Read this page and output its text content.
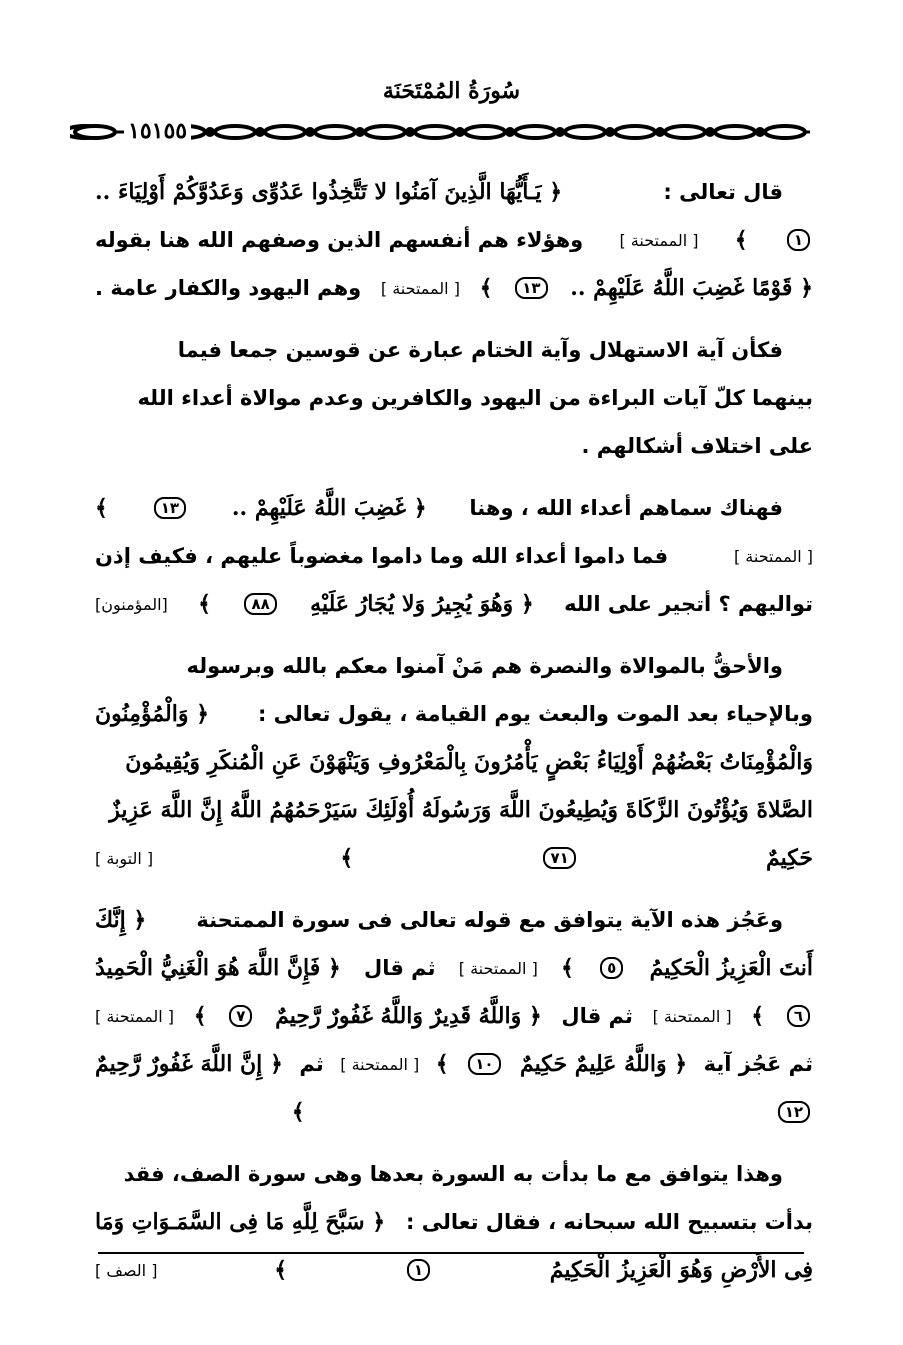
سُورَةُ المُمْتَحَنَة
١٥١٥٥
قال تعالى :
﴿ يَـأَيُّهَا الَّذِينَ آمَنُوا لا تَتَّخِذُوا عَدُوِّى وَعَدُوَّكُمْ أَوْلِيَاءَ ..
١
﴾
[ الممتحنة ]
وهؤلاء هم أنفسهم الذين وصفهم الله هنا بقوله
﴿ قَوْمًا غَضِبَ اللَّهُ عَلَيْهِمْ ..
١٣
﴾
[ الممتحنة ]
وهم اليهود والكفار عامة .
فكأن آية الاستهلال وآية الختام عبارة عن قوسين جمعا فيما
بينهما كلّ آيات البراءة من اليهود والكافرين وعدم موالاة أعداء الله
على اختلاف أشكالهم .
فهناك سماهم أعداء الله ، وهنا
﴿ غَضِبَ اللَّهُ عَلَيْهِمْ ..
١٣
﴾
[ الممتحنة ]
فما داموا أعداء الله وما داموا مغضوباً عليهم ، فكيف إذن
تواليهم ؟ أتجير على الله
﴿ وَهُوَ يُجِيرُ وَلا يُجَارُ عَلَيْهِ
٨٨
﴾
[المؤمنون]
والأحقُّ بالموالاة والنصرة هم مَنْ آمنوا معكم بالله وبرسوله
وبالإحياء بعد الموت والبعث يوم القيامة ، يقول تعالى :
﴿ وَالْمُؤْمِنُونَ
وَالْمُؤْمِنَاتُ بَعْضُهُمْ أَوْلِيَاءُ بَعْضٍ يَأْمُرُونَ بِالْمَعْرُوفِ وَيَنْهَوْنَ عَنِ الْمُنكَرِ وَيُقِيمُونَ
الصَّلاةَ وَيُؤْتُونَ الزَّكَاةَ وَيُطِيعُونَ اللَّهَ وَرَسُولَهُ أُوْلَئِكَ سَيَرْحَمُهُمُ اللَّهُ إِنَّ اللَّهَ عَزِيزٌ
حَكِيمٌ
٧١
﴾
[ التوبة ]
وعَجُز هذه الآية يتوافق مع قوله تعالى فى سورة الممتحنة
﴿ إِنَّكَ
أَنتَ الْعَزِيزُ الْحَكِيمُ
٥
﴾
[ الممتحنة ]
ثم قال
﴿ فَإِنَّ اللَّهَ هُوَ الْغَنِيُّ الْحَمِيدُ
٦
﴾
[ الممتحنة ]
ثم قال
﴿ وَاللَّهُ قَدِيرٌ وَاللَّهُ غَفُورٌ رَّحِيمٌ
٧
﴾
[ الممتحنة ]
ثم عَجُز آية
﴿ وَاللَّهُ عَلِيمٌ حَكِيمٌ
١٠
﴾
[ الممتحنة ]
ثم
﴿ إِنَّ اللَّهَ غَفُورٌ رَّحِيمٌ
١٢
﴾
وهذا يتوافق مع ما بدأت به السورة بعدها وهى سورة الصف، فقد
بدأت بتسبيح الله سبحانه ، فقال تعالى :
﴿ سَبَّحَ لِلَّهِ مَا فِى السَّمَـوَاتِ وَمَا
فِى الأَرْضِ وَهُوَ الْعَزِيزُ الْحَكِيمُ
١
﴾
[ الصف ]
